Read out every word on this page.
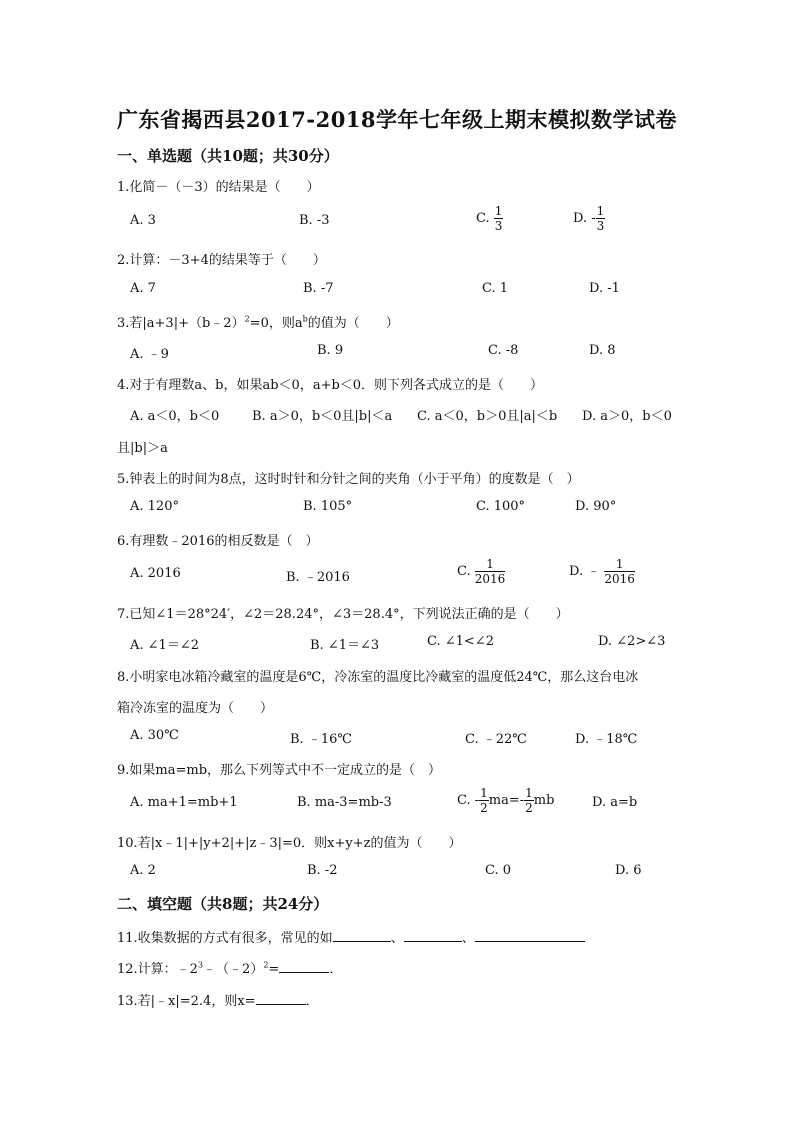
广东省揭西县2017-2018学年七年级上期末模拟数学试卷
一、单选题（共10题；共30分）
1.化简－（－3）的结果是（　　）
A. 3	B. -3	C. $\frac{1}{3}$	D. - $\frac{1}{3}$
2.计算：－3+4的结果等于（　　）
A. 7	B. -7	C. 1	D. -1
3.若|a+3|+（b﹣2）$^2$=0，则$a^b$的值为（　　）
A. ﹣9	B. 9	C. -8	D. 8
4.对于有理数a、b，如果ab＜0，a+b＜0．则下列各式成立的是（　　）
A. a＜0，b＜0	B. a＞0，b＜0且|b|＜a C. a＜0，b＞0且|a|＜b D. a＞0，b＜0
且|b|＞a
5.钟表上的时间为8点，这时时针和分针之间的夹角（小于平角）的度数是（　）
A. 120°	B. 105°	C. 100°	D. 90°
6.有理数﹣2016的相反数是（　）
A. 2016	B. ﹣2016	C. $\frac{1}{2016}$	D. ﹣ $\frac{1}{2016}$
7.已知∠1＝28°24′，∠2＝28.24°，∠3＝28.4°，下列说法正确的是（　　）
A. ∠1＝∠2	B. ∠1＝∠3	C. ∠1<∠2	D. ∠2>∠3
8.小明家电冰箱冷藏室的温度是6℃，冷冻室的温度比冷藏室的温度低24℃，那么这台电冰
箱冷冻室的温度为（　　）
A. 30℃	B. ﹣16℃	C. ﹣22℃	D. ﹣18℃
9.如果ma=mb，那么下列等式中不一定成立的是（　）
A. ma+1=mb+1	B. ma-3=mb-3	C. - $\frac{1}{2} ma=- \frac{1}{2}$ mb	D. a=b
10.若|x﹣1|+|y+2|+|z﹣3|=0．则x+y+z的值为（　　）
A. 2	B. -2	C. 0	D. 6
二、填空题（共8题；共24分）
11.收集数据的方式有很多，常见的如	、	、
12.计算：$﹣2^3﹣(﹣2)^2=$	．
13.若|﹣x|=2.4，则x=	．
